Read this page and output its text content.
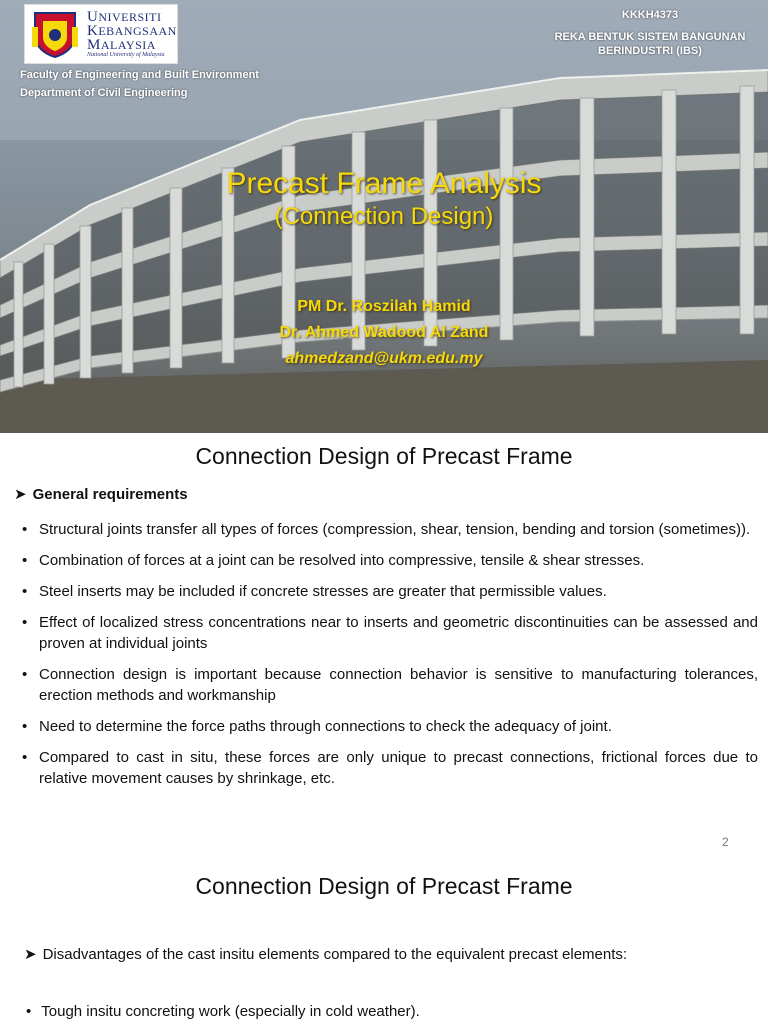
UNIVERSITI
KEBANGSAAN
MALAYSIA
National University of Malaysia
Faculty of Engineering and Built Environment
Department of Civil Engineering
KKKH4373
REKA BENTUK SISTEM BANGUNAN
BERINDUSTRI (IBS)
Precast Frame Analysis
(Connection Design)
PM Dr. Roszilah Hamid
Dr. Ahmed Wadood Al Zand
ahmedzand@ukm.edu.my
Connection Design of Precast Frame
➤ General requirements
• Structural joints transfer all types of forces (compression, shear, tension, bending and torsion (sometimes)).
• Combination of forces at a joint can be resolved into compressive, tensile & shear stresses.
• Steel inserts may be included if concrete stresses are greater that permissible values.
• Effect of localized stress concentrations near to inserts and geometric discontinuities can be assessed and proven at individual joints
• Connection design is important because connection behavior is sensitive to manufacturing tolerances, erection methods and workmanship
• Need to determine the force paths through connections to check the adequacy of joint.
• Compared to cast in situ, these forces are only unique to precast connections, frictional forces due to relative movement causes by shrinkage, etc.
2
Connection Design of Precast Frame
➤ Disadvantages of the cast insitu elements compared to the equivalent precast elements:
• Tough insitu concreting work (especially in cold weather).
